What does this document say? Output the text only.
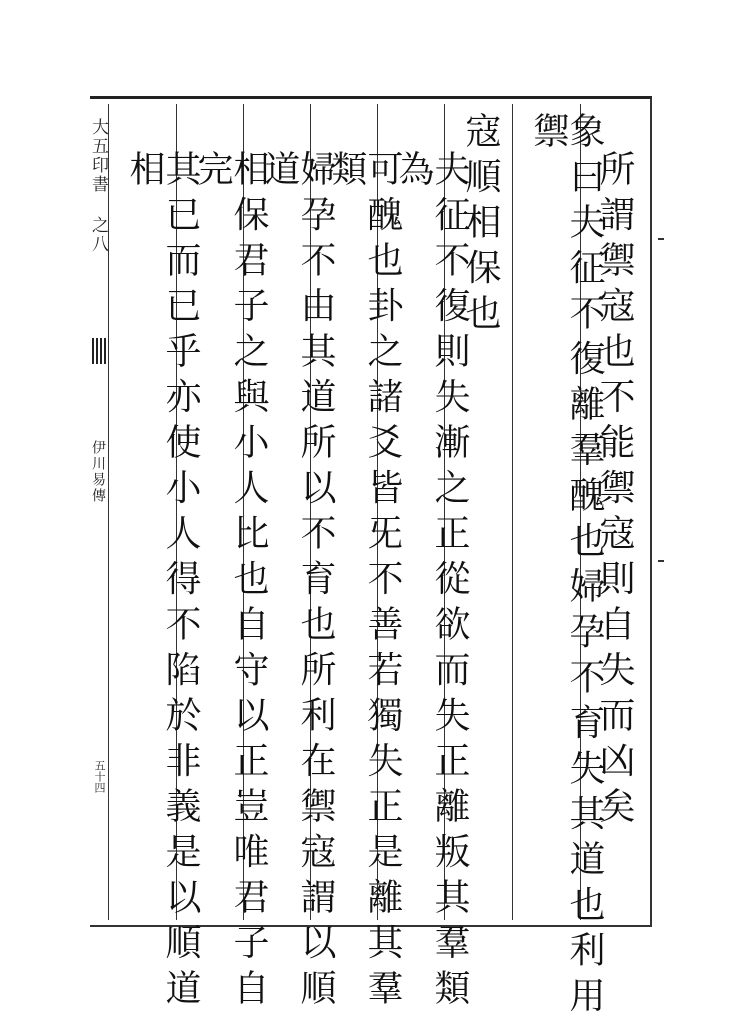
大五印書 之八
伊川易傳
五十四	所謂禦寇也不能禦寇則自失而凶矣
象曰夫征不復離羣醜也婦孕不育失其道也利用禦
寇順相保也
夫征不復則失漸之正從欲而失正離叛其羣類為
可醜也卦之諸爻皆旡不善若獨失正是離其羣類
婦孕不由其道所以不育也所利在禦寇謂以順道
相保君子之與小人比也自守以正豈唯君子自完
其已而已乎亦使小人得不陷於非義是以順道相
